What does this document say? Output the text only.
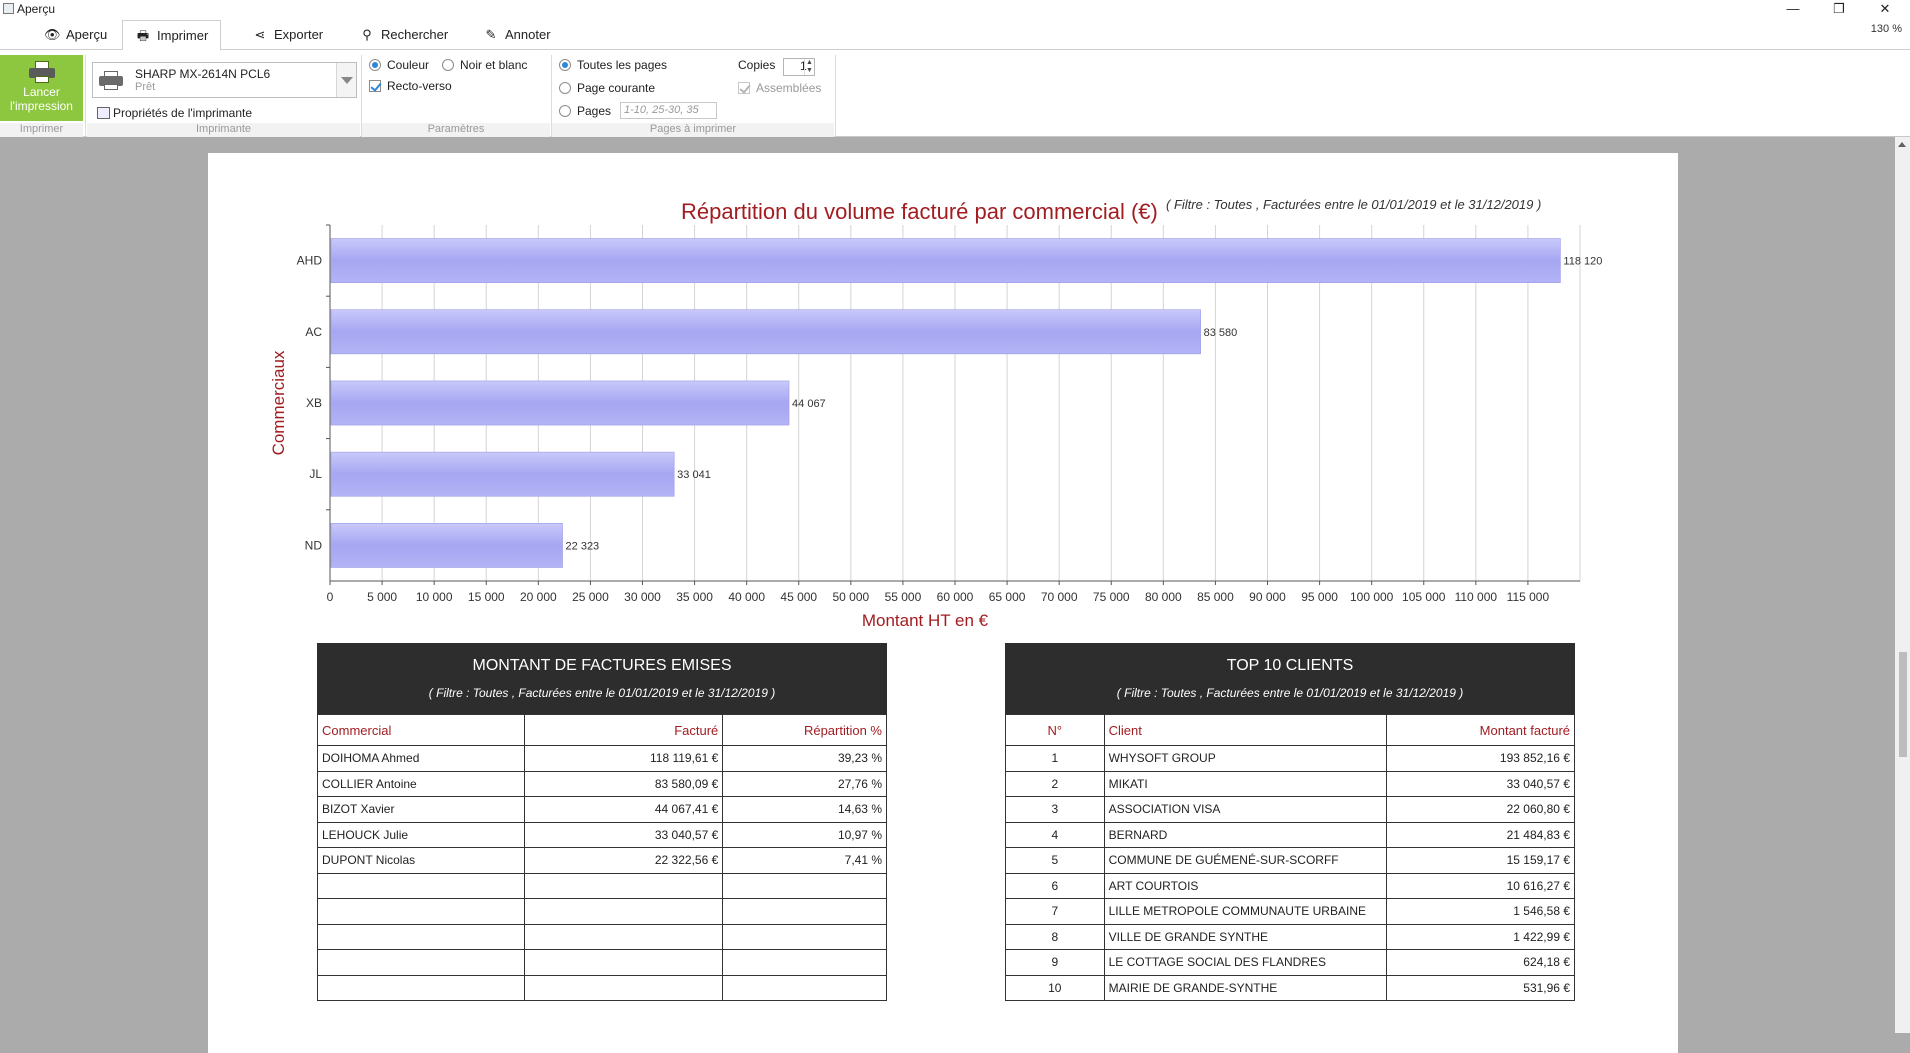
Aperçu	—	❐	✕
👁 Aperçu	🖶 Imprimer	⋖ Exporter	⚲ Rechercher	✎ Annoter	130 %
Lancer
l'impression
Imprimer
SHARP MX-2614N PCL6
Prêt
Propriétés de l'imprimante
Imprimante
Couleur	Noir et blanc
Recto-verso
Paramètres
Toutes les pages
Page courante
Pages	1-10, 25-30, 35
Copies	1 ▲
▼
Assemblées
Pages à imprimer
Répartition du volume facturé par commercial (€) ( Filtre : Toutes , Facturées entre le 01/01/2019 et le 31/12/2019 )
0	5 000 10 000 15 000 20 000 25 000 30 000 35 000 40 000 45 000 50 000 55 000 60 000 65 000 70 000 75 000 80 000 85 000 90 000 95 000 100 000 105 000 110 000 115 000
AHD	118 120
AC	83 580
XB	44 067
JL	33 041
ND	22 323
Montant HT en €
Commerciaux
MONTANT DE FACTURES EMISES
( Filtre : Toutes , Facturées entre le 01/01/2019 et le 31/12/2019 )
Commercial	Facturé	Répartition %
DOIHOMA Ahmed	118 119,61 €	39,23 %
COLLIER Antoine	83 580,09 €	27,76 %
BIZOT Xavier	44 067,41 €	14,63 %
LEHOUCK Julie	33 040,57 €	10,97 %
DUPONT Nicolas	22 322,56 €	7,41 %

TOP 10 CLIENTS
( Filtre : Toutes , Facturées entre le 01/01/2019 et le 31/12/2019 )
N°	Client	Montant facturé
1	WHYSOFT GROUP	193 852,16 €
2	MIKATI	33 040,57 €
3	ASSOCIATION VISA	22 060,80 €
4	BERNARD	21 484,83 €
5	COMMUNE DE GUÉMENÉ-SUR-SCORFF	15 159,17 €
6	ART COURTOIS	10 616,27 €
7	LILLE METROPOLE COMMUNAUTE URBAINE	1 546,58 €
8	VILLE DE GRANDE SYNTHE	1 422,99 €
9	LE COTTAGE SOCIAL DES FLANDRES	624,18 €
10	MAIRIE DE GRANDE-SYNTHE	531,96 €
